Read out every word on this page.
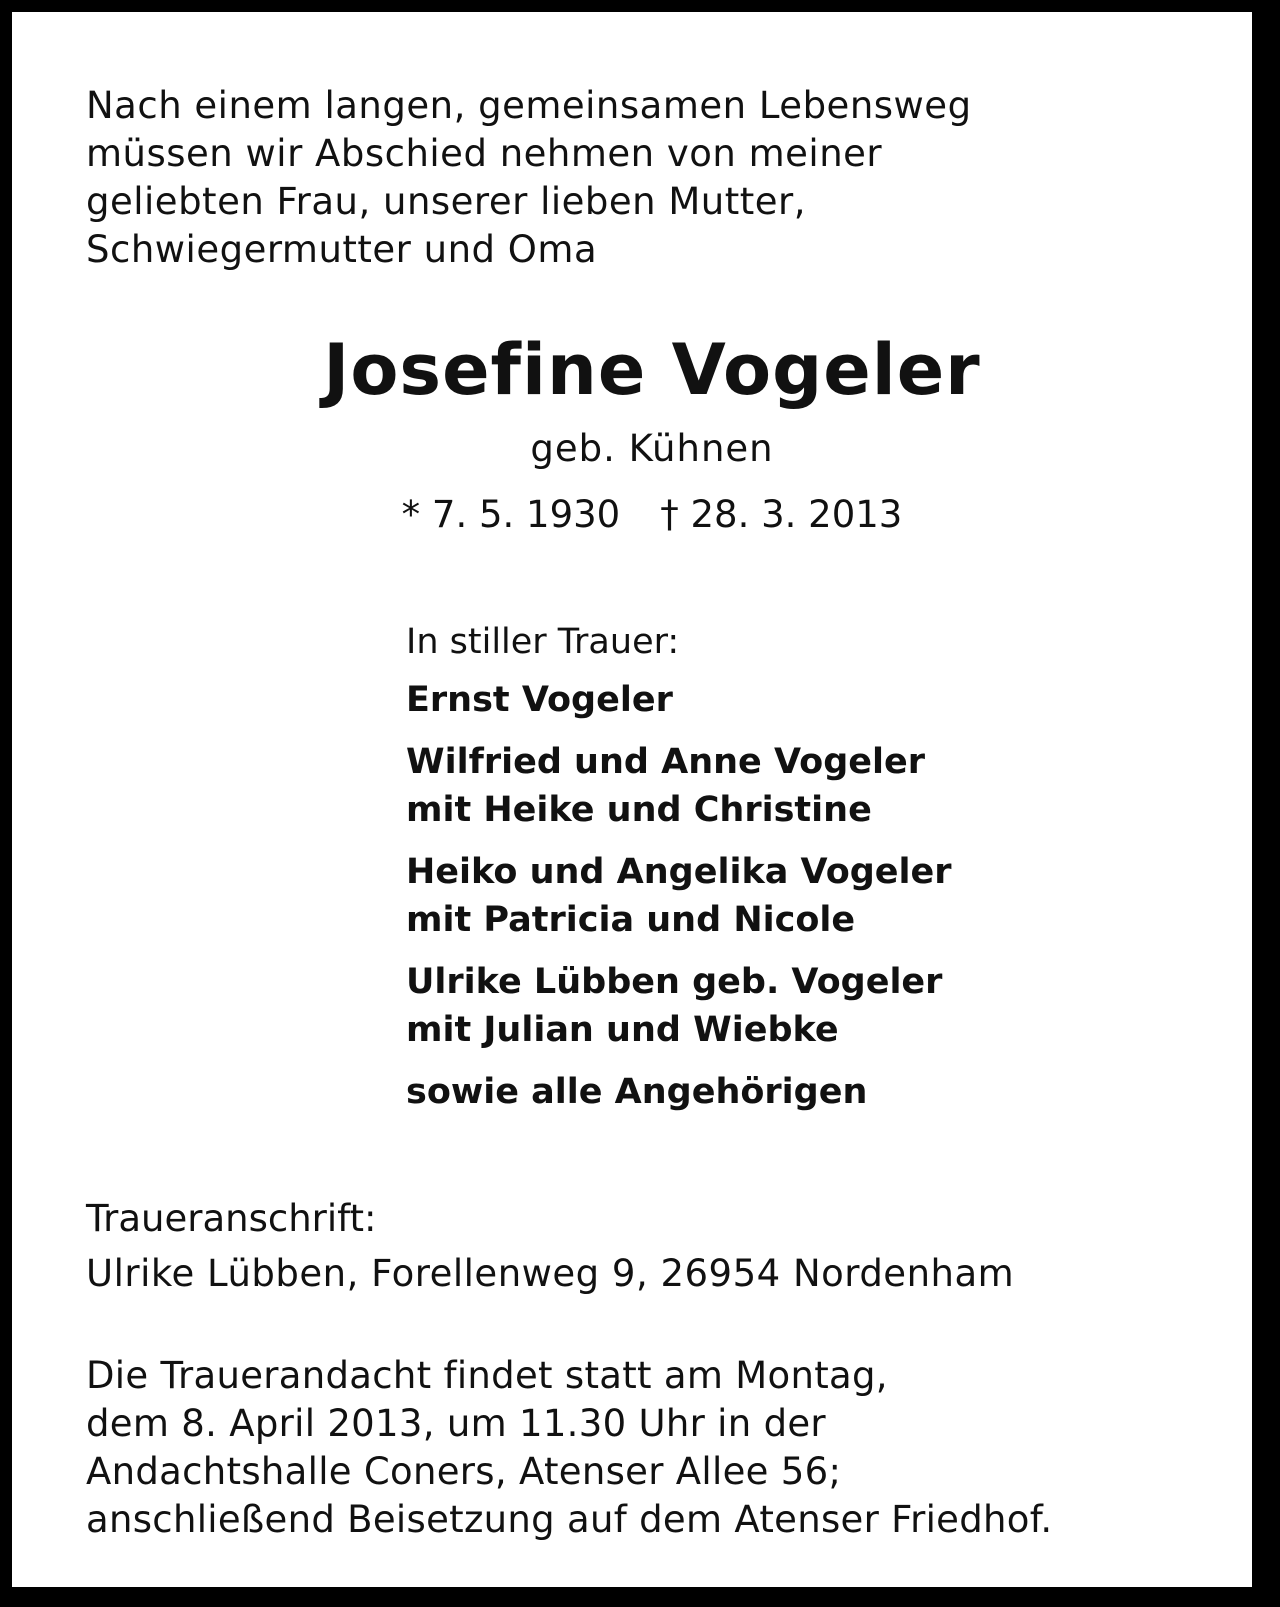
Nach einem langen, gemeinsamen Lebensweg
müssen wir Abschied nehmen von meiner
geliebten Frau, unserer lieben Mutter,
Schwiegermutter und Oma
Josefine Vogeler
geb. Kühnen
* 7. 5. 1930 † 28. 3. 2013
In stiller Trauer:
Ernst Vogeler
Wilfried und Anne Vogeler
mit Heike und Christine
Heiko und Angelika Vogeler
mit Patricia und Nicole
Ulrike Lübben geb. Vogeler
mit Julian und Wiebke
sowie alle Angehörigen
Traueranschrift:
Ulrike Lübben, Forellenweg 9, 26954 Nordenham
Die Trauerandacht findet statt am Montag,
dem 8. April 2013, um 11.30 Uhr in der
Andachtshalle Coners, Atenser Allee 56;
anschließend Beisetzung auf dem Atenser Friedhof.
